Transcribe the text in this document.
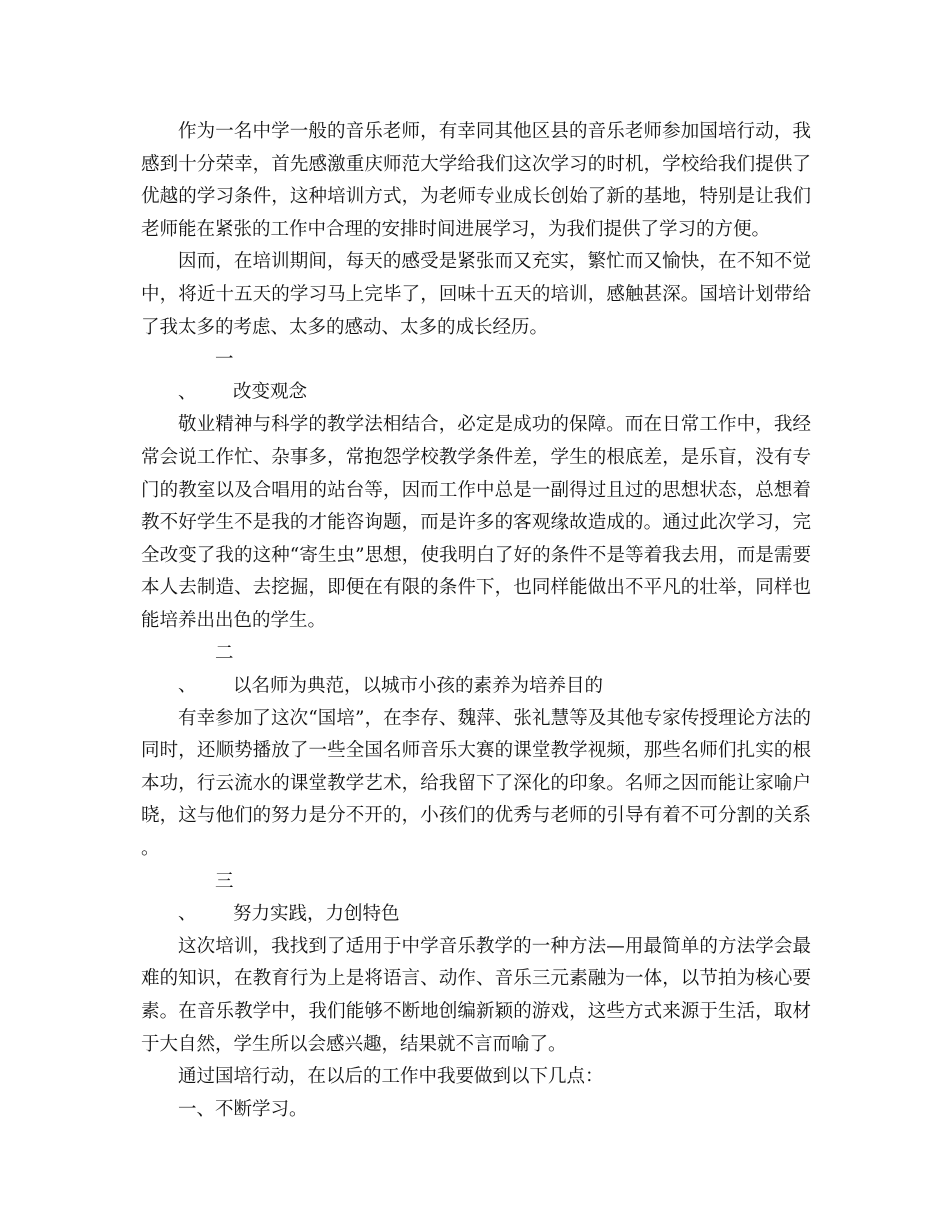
作为一名中学一般的音乐老师，有幸同其他区县的音乐老师参加国培行动，我感到十分荣幸，首先感激重庆师范大学给我们这次学习的时机，学校给我们提供了优越的学习条件，这种培训方式，为老师专业成长创始了新的基地，特别是让我们老师能在紧张的工作中合理的安排时间进展学习，为我们提供了学习的方便。

因而，在培训期间，每天的感受是紧张而又充实，繁忙而又愉快，在不知不觉中，将近十五天的学习马上完毕了，回味十五天的培训，感触甚深。国培计划带给了我太多的考虑、太多的感动、太多的成长经历。

一、 改变观念

敬业精神与科学的教学法相结合，必定是成功的保障。而在日常工作中，我经常会说工作忙、杂事多，常抱怨学校教学条件差，学生的根底差，是乐盲，没有专门的教室以及合唱用的站台等，因而工作中总是一副得过且过的思想状态，总想着教不好学生不是我的才能咨询题，而是许多的客观缘故造成的。通过此次学习，完全改变了我的这种“寄生虫”思想，使我明白了好的条件不是等着我去用，而是需要本人去制造、去挖掘，即便在有限的条件下，也同样能做出不平凡的壮举，同样也能培养出出色的学生。

二、 以名师为典范，以城市小孩的素养为培养目的

有幸参加了这次“国培”，在李存、魏萍、张礼慧等及其他专家传授理论方法的同时，还顺势播放了一些全国名师音乐大赛的课堂教学视频，那些名师们扎实的根本功，行云流水的课堂教学艺术，给我留下了深化的印象。名师之因而能让家喻户晓，这与他们的努力是分不开的，小孩们的优秀与老师的引导有着不可分割的关系。

三、 努力实践，力创特色

这次培训，我找到了适用于中学音乐教学的一种方法—用最简单的方法学会最难的知识，在教育行为上是将语言、动作、音乐三元素融为一体，以节拍为核心要素。在音乐教学中，我们能够不断地创编新颖的游戏，这些方式来源于生活，取材于大自然，学生所以会感兴趣，结果就不言而喻了。

通过国培行动，在以后的工作中我要做到以下几点：

一、不断学习。
